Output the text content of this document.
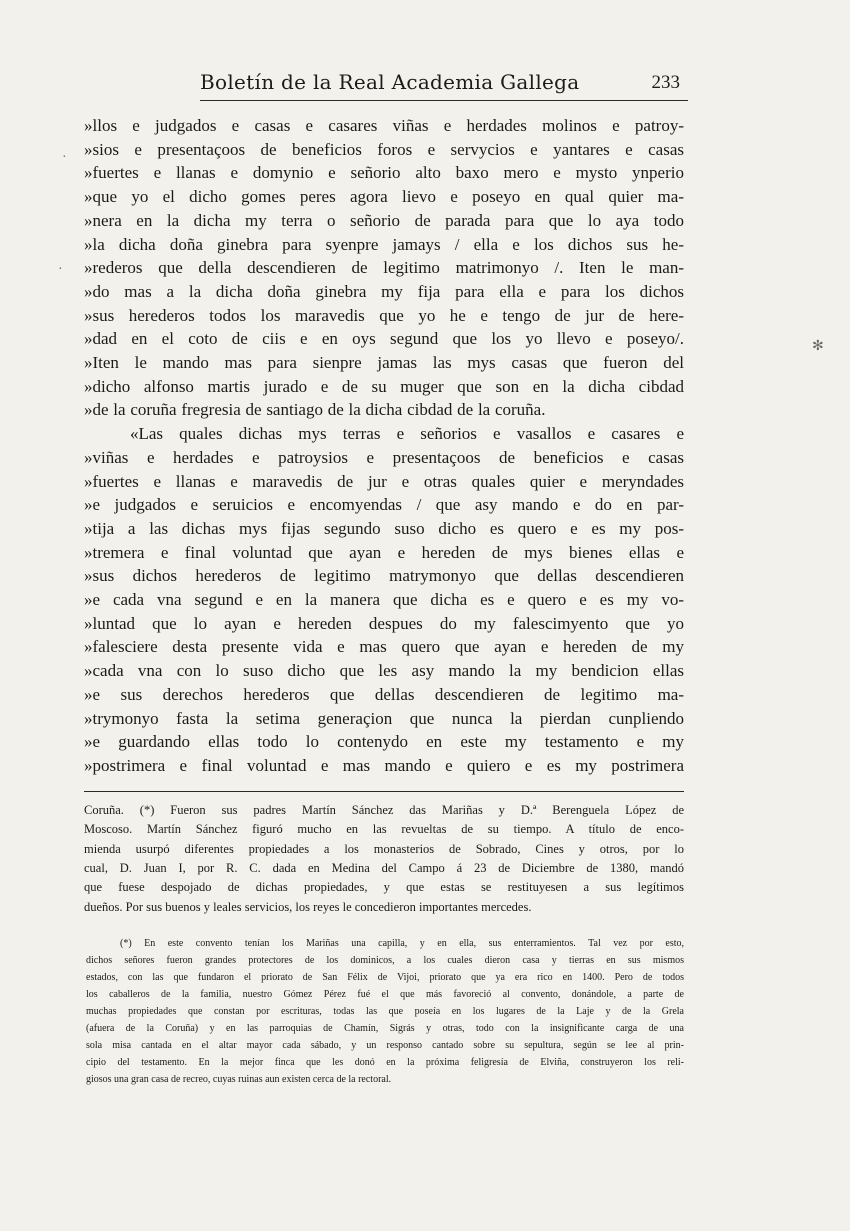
Boletín de la Real Academia Gallega	233
»llos e judgados e casas e casares viñas e herdades molinos e patroy-
»sios e presentaçoos de beneficios foros e servycios e yantares e casas
»fuertes e llanas e domynio e señorio alto baxo mero e mysto ynperio
»que yo el dicho gomes peres agora lievo e poseyo en qual quier ma-
»nera en la dicha my terra o señorio de parada para que lo aya todo
»la dicha doña ginebra para syenpre jamays / ella e los dichos sus he-
»rederos que della descendieren de legitimo matrimonyo /. Iten le man-
»do mas a la dicha doña ginebra my fija para ella e para los dichos
»sus herederos todos los maravedis que yo he e tengo de jur de here-
»dad en el coto de ciis e en oys segund que los yo llevo e poseyo/.
»Iten le mando mas para sienpre jamas las mys casas que fueron del
»dicho alfonso martis jurado e de su muger que son en la dicha cibdad
»de la coruña fregresia de santiago de la dicha cibdad de la coruña.
«Las quales dichas mys terras e señorios e vasallos e casares e
»viñas e herdades e patroysios e presentaçoos de beneficios e casas
»fuertes e llanas e maravedis de jur e otras quales quier e meryndades
»e judgados e seruicios e encomyendas / que asy mando e do en par-
»tija a las dichas mys fijas segundo suso dicho es quero e es my pos-
»tremera e final voluntad que ayan e hereden de mys bienes ellas e
»sus dichos herederos de legitimo matrymonyo que dellas descendieren
»e cada vna segund e en la manera que dicha es e quero e es my vo-
»luntad que lo ayan e hereden despues do my falescimyento que yo
»falesciere desta presente vida e mas quero que ayan e hereden de my
»cada vna con lo suso dicho que les asy mando la my bendicion ellas
»e sus derechos herederos que dellas descendieren de legitimo ma-
»trymonyo fasta la setima generaçion que nunca la pierdan cunpliendo
»e guardando ellas todo lo contenydo en este my testamento e my
»postrimera e final voluntad e mas mando e quiero e es my postrimera
Coruña. (*) Fueron sus padres Martín Sánchez das Mariñas y D.ª Berenguela López de
Moscoso. Martín Sánchez figuró mucho en las revueltas de su tiempo. A título de enco-
mienda usurpó diferentes propiedades a los monasterios de Sobrado, Cines y otros, por lo
cual, D. Juan I, por R. C. dada en Medina del Campo á 23 de Diciembre de 1380, mandó
que fuese despojado de dichas propiedades, y que estas se restituyesen a sus legítimos
dueños. Por sus buenos y leales servicios, los reyes le concedieron importantes mercedes.
(*) En este convento tenían los Mariñas una capilla, y en ella, sus enterramientos. Tal vez por esto,
dichos señores fueron grandes protectores de los dominicos, a los cuales dieron casa y tierras en sus mismos
estados, con las que fundaron el priorato de San Félix de Vijoi, priorato que ya era rico en 1400. Pero de todos
los caballeros de la familia, nuestro Gómez Pérez fué el que más favoreció al convento, donándole, a parte de
muchas propiedades que constan por escrituras, todas las que poseía en los lugares de la Laje y de la Grela
(afuera de la Coruña) y en las parroquias de Chamín, Sigrás y otras, todo con la insignificante carga de una
sola misa cantada en el altar mayor cada sábado, y un responso cantado sobre su sepultura, según se lee al prin-
cipio del testamento. En la mejor finca que les donó en la próxima feligresía de Elviña, construyeron los reli-
giosos una gran casa de recreo, cuyas ruinas aun existen cerca de la rectoral.
✻
·
·
